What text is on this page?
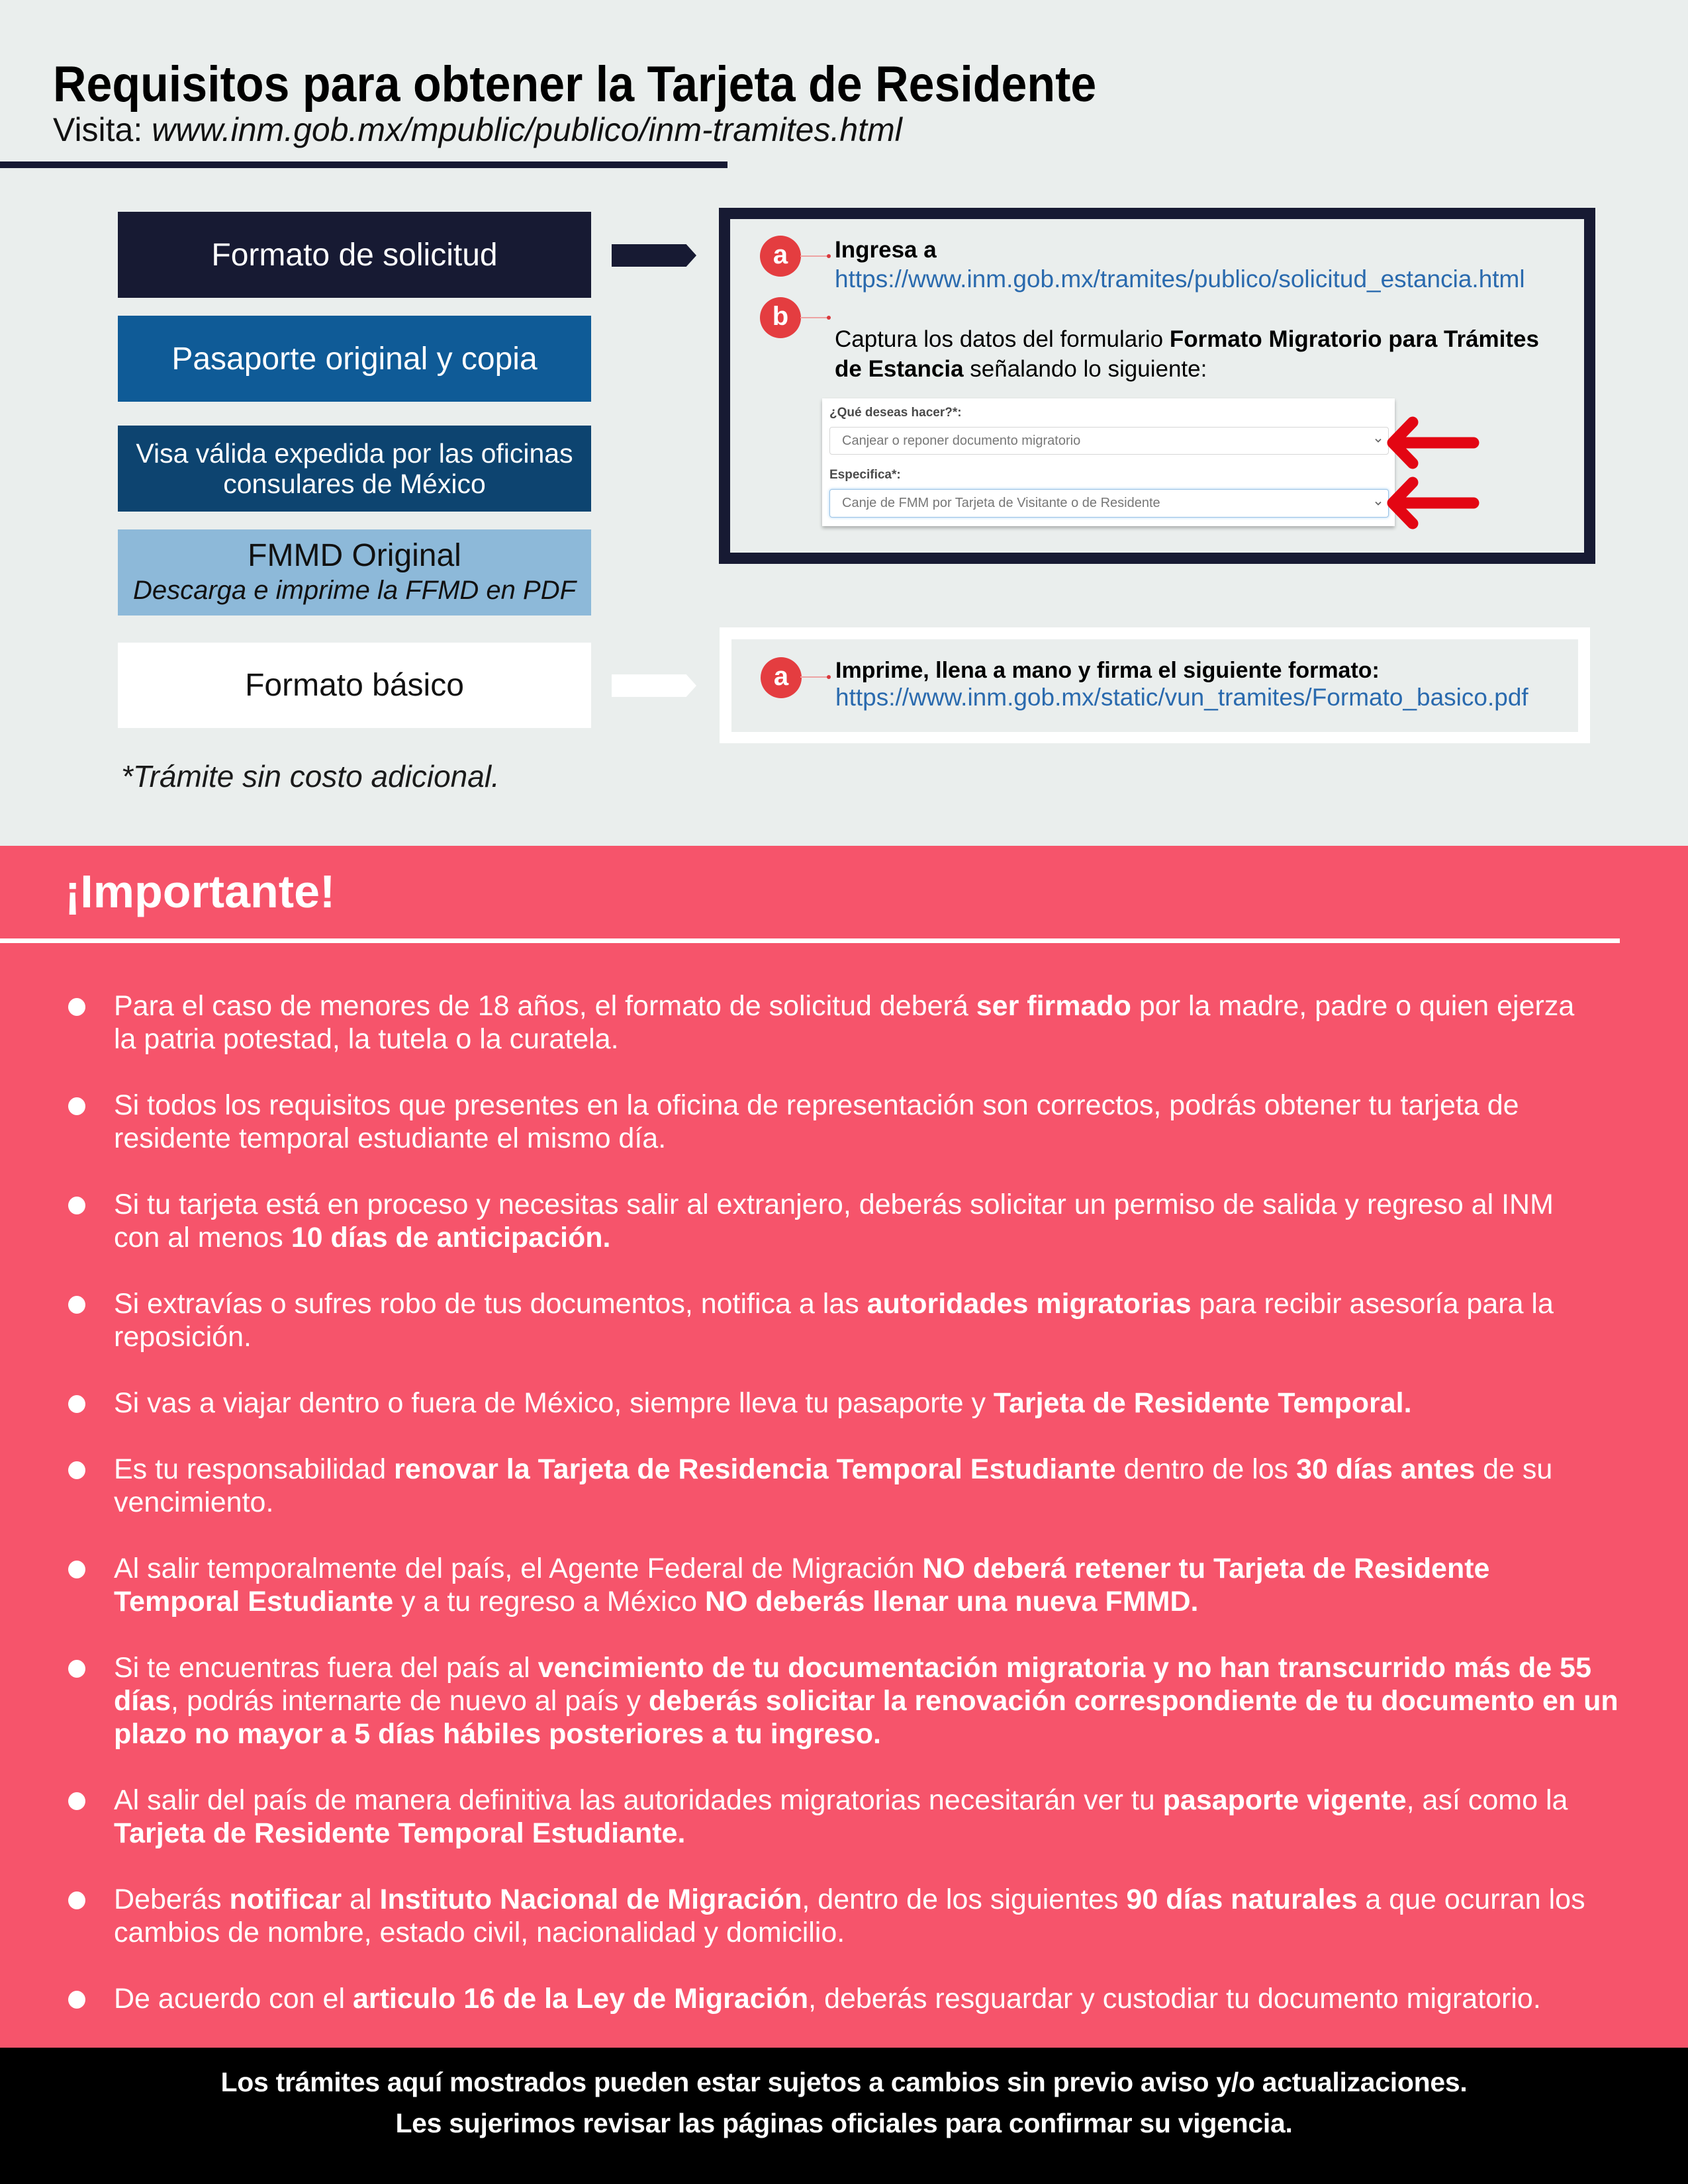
Requisitos para obtener la Tarjeta de Residente
Visita: www.inm.gob.mx/mpublic/publico/inm-tramites.html
Formato de solicitud
Pasaporte original y copia
Visa válida expedida por las oficinas
consulares de México
FMMD Original
Descarga e imprime la FFMD en PDF
Formato básico
*Trámite sin costo adicional.
a	Ingresa a
https://www.inm.gob.mx/tramites/publico/solicitud_estancia.html
b
Captura los datos del formulario Formato Migratorio para Trámites
de Estancia señalando lo siguiente:
¿Qué deseas hacer?*:
Canjear o reponer documento migratorio
Especifica*:
Canje de FMM por Tarjeta de Visitante o de Residente
a	Imprime, llena a mano y firma el siguiente formato:
https://www.inm.gob.mx/static/vun_tramites/Formato_basico.pdf
¡Importante!
Para el caso de menores de 18 años, el formato de solicitud deberá ser firmado por la madre, padre o quien ejerza
la patria potestad, la tutela o la curatela.
Si todos los requisitos que presentes en la oficina de representación son correctos, podrás obtener tu tarjeta de
residente temporal estudiante el mismo día.
Si tu tarjeta está en proceso y necesitas salir al extranjero, deberás solicitar un permiso de salida y regreso al INM
con al menos 10 días de anticipación.
Si extravías o sufres robo de tus documentos, notifica a las autoridades migratorias para recibir asesoría para la
reposición.
Si vas a viajar dentro o fuera de México, siempre lleva tu pasaporte y Tarjeta de Residente Temporal.
Es tu responsabilidad renovar la Tarjeta de Residencia Temporal Estudiante dentro de los 30 días antes de su
vencimiento.
Al salir temporalmente del país, el Agente Federal de Migración NO deberá retener tu Tarjeta de Residente
Temporal Estudiante y a tu regreso a México NO deberás llenar una nueva FMMD.
Si te encuentras fuera del país al vencimiento de tu documentación migratoria y no han transcurrido más de 55
días, podrás internarte de nuevo al país y deberás solicitar la renovación correspondiente de tu documento en un
plazo no mayor a 5 días hábiles posteriores a tu ingreso.
Al salir del país de manera definitiva las autoridades migratorias necesitarán ver tu pasaporte vigente, así como la
Tarjeta de Residente Temporal Estudiante.
Deberás notificar al Instituto Nacional de Migración, dentro de los siguientes 90 días naturales a que ocurran los
cambios de nombre, estado civil, nacionalidad y domicilio.
De acuerdo con el articulo 16 de la Ley de Migración, deberás resguardar y custodiar tu documento migratorio.
Los trámites aquí mostrados pueden estar sujetos a cambios sin previo aviso y/o actualizaciones.
Les sujerimos revisar las páginas oficiales para confirmar su vigencia.
